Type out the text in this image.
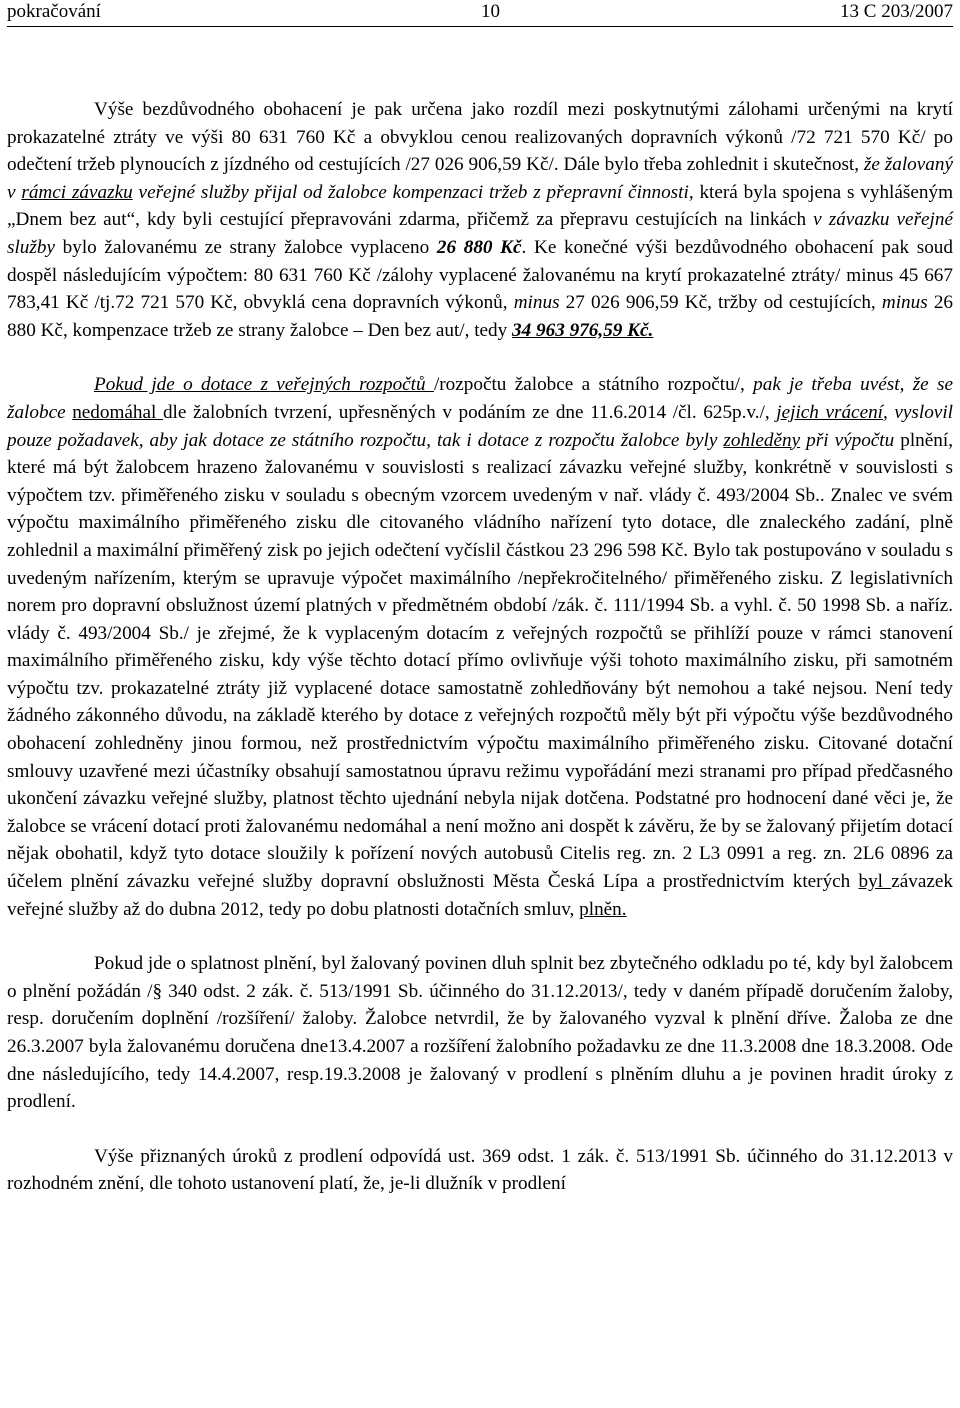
pokračování	10	13 C 203/2007

Výše bezdůvodného obohacení je pak určena jako rozdíl mezi poskytnutými zálohami určenými na krytí prokazatelné ztráty ve výši 80 631 760 Kč a obvyklou cenou realizovaných dopravních výkonů /72 721 570 Kč/ po odečtení tržeb plynoucích z jízdného od cestujících /27 026 906,59 Kč/. Dále bylo třeba zohlednit i skutečnost, že žalovaný v rámci závazku veřejné služby přijal od žalobce kompenzaci tržeb z přepravní činnosti, která byla spojena s vyhlášeným „Dnem bez aut“, kdy byli cestující přepravováni zdarma, přičemž za přepravu cestujících na linkách v závazku veřejné služby bylo žalovanému ze strany žalobce vyplaceno 26 880 Kč. Ke konečné výši bezdůvodného obohacení pak soud dospěl následujícím výpočtem: 80 631 760 Kč /zálohy vyplacené žalovanému na krytí prokazatelné ztráty/ minus 45 667 783,41 Kč /tj.72 721 570 Kč, obvyklá cena dopravních výkonů, minus 27 026 906,59 Kč, tržby od cestujících, minus 26 880 Kč, kompenzace tržeb ze strany žalobce – Den bez aut/, tedy 34 963 976,59 Kč.

Pokud jde o dotace z veřejných rozpočtů /rozpočtu žalobce a státního rozpočtu/, pak je třeba uvést, že se žalobce nedomáhal dle žalobních tvrzení, upřesněných v podáním ze dne 11.6.2014 /čl. 625p.v./, jejich vrácení, vyslovil pouze požadavek, aby jak dotace ze státního rozpočtu, tak i dotace z rozpočtu žalobce byly zohleděny při výpočtu plnění, které má být žalobcem hrazeno žalovanému v souvislosti s realizací závazku veřejné služby, konkrétně v souvislosti s výpočtem tzv. přiměřeného zisku v souladu s obecným vzorcem uvedeným v nař. vlády č. 493/2004 Sb.. Znalec ve svém výpočtu maximálního přiměřeného zisku dle citovaného vládního nařízení tyto dotace, dle znaleckého zadání, plně zohlednil a maximální přiměřený zisk po jejich odečtení vyčíslil částkou 23 296 598 Kč. Bylo tak postupováno v souladu s uvedeným nařízením, kterým se upravuje výpočet maximálního /nepřekročitelného/ přiměřeného zisku. Z legislativních norem pro dopravní obslužnost území platných v předmětném období /zák. č. 111/1994 Sb. a vyhl. č. 50 1998 Sb. a naříz. vlády č. 493/2004 Sb./ je zřejmé, že k vyplaceným dotacím z veřejných rozpočtů se přihlíží pouze v rámci stanovení maximálního přiměřeného zisku, kdy výše těchto dotací přímo ovlivňuje výši tohoto maximálního zisku, při samotném výpočtu tzv. prokazatelné ztráty již vyplacené dotace samostatně zohledňovány být nemohou a také nejsou. Není tedy žádného zákonného důvodu, na základě kterého by dotace z veřejných rozpočtů měly být při výpočtu výše bezdůvodného obohacení zohledněny jinou formou, než prostřednictvím výpočtu maximálního přiměřeného zisku. Citované dotační smlouvy uzavřené mezi účastníky obsahují samostatnou úpravu režimu vypořádání mezi stranami pro případ předčasného ukončení závazku veřejné služby, platnost těchto ujednání nebyla nijak dotčena. Podstatné pro hodnocení dané věci je, že žalobce se vrácení dotací proti žalovanému nedomáhal a není možno ani dospět k závěru, že by se žalovaný přijetím dotací nějak obohatil, když tyto dotace sloužily k pořízení nových autobusů Citelis reg. zn. 2 L3 0991 a reg. zn. 2L6 0896 za účelem plnění závazku veřejné služby dopravní obslužnosti Města Česká Lípa a prostřednictvím kterých byl závazek veřejné služby až do dubna 2012, tedy po dobu platnosti dotačních smluv, plněn.

Pokud jde o splatnost plnění, byl žalovaný povinen dluh splnit bez zbytečného odkladu po té, kdy byl žalobcem o plnění požádán /§ 340 odst. 2 zák. č. 513/1991 Sb. účinného do 31.12.2013/, tedy v daném případě doručením žaloby, resp. doručením doplnění /rozšíření/ žaloby. Žalobce netvrdil, že by žalovaného vyzval k plnění dříve. Žaloba ze dne 26.3.2007 byla žalovanému doručena dne13.4.2007 a rozšíření žalobního požadavku ze dne 11.3.2008 dne 18.3.2008. Ode dne následujícího, tedy 14.4.2007, resp.19.3.2008 je žalovaný v prodlení s plněním dluhu a je povinen hradit úroky z prodlení.

Výše přiznaných úroků z prodlení odpovídá ust. 369 odst. 1 zák. č. 513/1991 Sb. účinného do 31.12.2013 v rozhodném znění, dle tohoto ustanovení platí, že, je-li dlužník v prodlení
